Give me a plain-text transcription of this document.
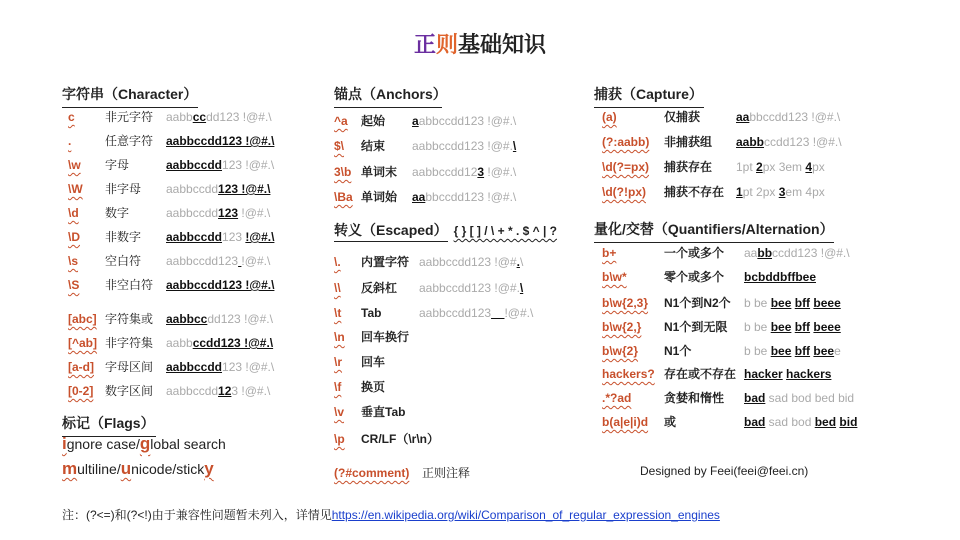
正则基础知识
字符串（Character）
c	非元字符 aabbccdd123 !@#.\
.	任意字符 aabbccdd123 !@#.\
\w 字母	aabbccdd123 !@#.\
\W 非字母 aabbccdd123 !@#.\
\d 数字	aabbccdd123 !@#.\
\D 非数字 aabbccdd123 !@#.\
\s 空白符 aabbccdd123 !@#.\
\S 非空白符 aabbccdd123 !@#.\
[abc] 字符集或 aabbccdd123 !@#.\
[^ab] 非字符集 aabbccdd123 !@#.\
[a-d] 字母区间 aabbccdd123 !@#.\
[0-2] 数字区间 aabbccdd123 !@#.\
标记（Flags）
ignore case/global search
multiline/unicode/sticky
锚点（Anchors）
^a 起始 aabbccdd123 !@#.\
$\ 结束 aabbccdd123 !@#.\
3\b 单词末 aabbccdd123 !@#.\
\Ba 单词始 aabbccdd123 !@#.\
转义（Escaped） { } [ ] / \ + * . $ ^ | ?
\. 内置字符 aabbccdd123 !@#.\
\\ 反斜杠 aabbccdd123 !@#.\
\t Tab	aabbccdd123__!@#.\
\n 回车换行
\r 回车
\f 换页
\v 垂直Tab
\p CR/LF（\r\n）
(?#comment) 正则注释
捕获（Capture）
(a)	仅捕获	aabbccdd123 !@#.\
(?:aabb) 非捕获组 aabbccdd123 !@#.\
\d(?=px) 捕获存在 1pt 2px 3em 4px
\d(?!px) 捕获不存在 1pt 2px 3em 4px
量化/交替（Quantifiers/Alternation）
b+	一个或多个 aabbccdd123 !@#.\
b\w*	零个或多个 bcbddbffbee
b\w{2,3} N1个到N2个 b be bee bff beee
b\w{2,} N1个到无限 b be bee bff beee
b\w{2} N1个	b be bee bff beee
hackers? 存在或不存在 hacker hackers
.*?ad	贪婪和惰性 bad sad bod bed bid
b(a|e|i)d 或	bad sad bod bed bid
Designed by Feei(feei@feei.cn)
注：(?<=)和(?<!)由于兼容性问题暂未列入，详情见https://en.wikipedia.org/wiki/Comparison_of_regular_expression_engines
